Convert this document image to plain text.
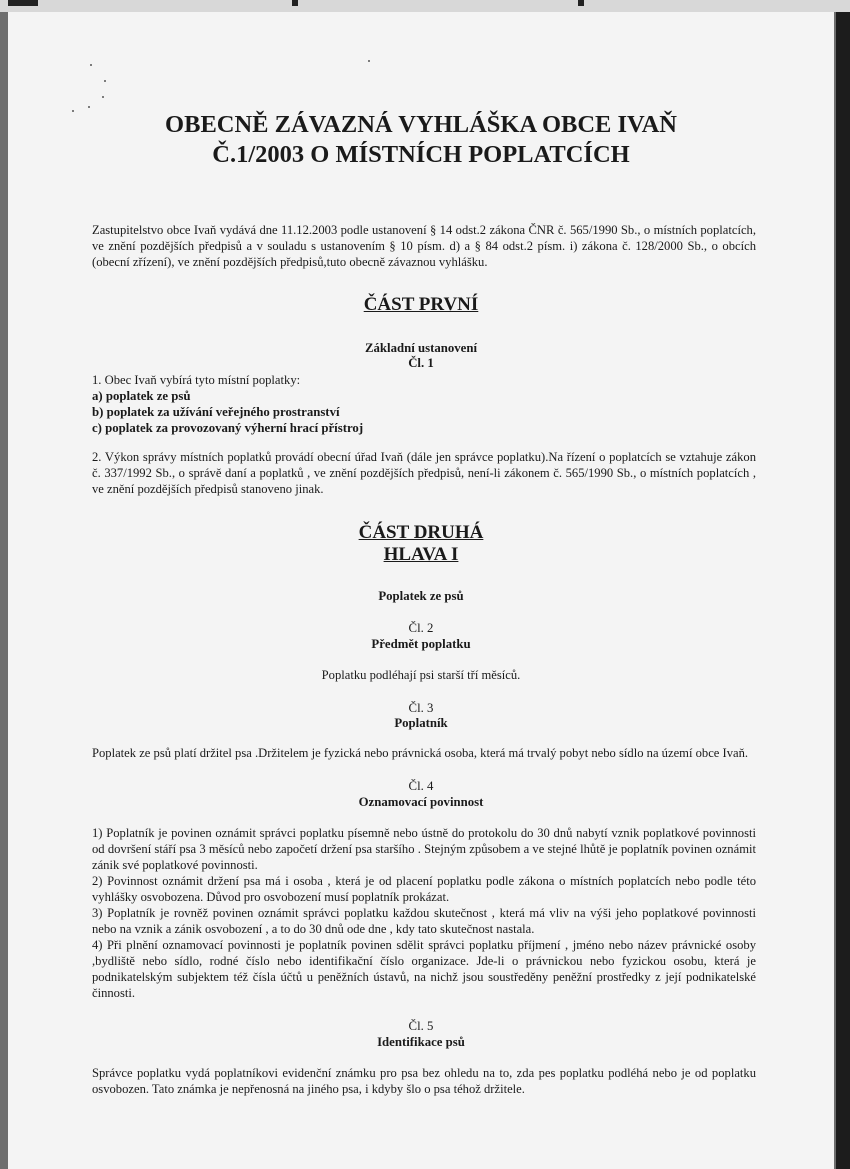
OBECNĚ ZÁVAZNÁ VYHLÁŠKA OBCE IVAŇ
Č.1/2003 O MÍSTNÍCH POPLATCÍCH

Zastupitelstvo obce Ivaň vydává dne 11.12.2003 podle ustanovení § 14 odst.2 zákona ČNR č. 565/1990 Sb., o místních poplatcích, ve znění pozdějších předpisů a v souladu s ustanovením § 10 písm. d) a § 84 odst.2 písm. i) zákona č. 128/2000 Sb., o obcích (obecní zřízení), ve znění pozdějších předpisů,tuto obecně závaznou vyhlášku.

ČÁST PRVNÍ
Základní ustanovení
Čl. 1

1. Obec Ivaň vybírá tyto místní poplatky:

a) poplatek ze psů

b) poplatek za užívání veřejného prostranství

c) poplatek za provozovaný výherní hrací přístroj

2. Výkon správy místních poplatků provádí obecní úřad Ivaň (dále jen správce poplatku).Na řízení o poplatcích se vztahuje zákon č. 337/1992 Sb., o správě daní a poplatků , ve znění pozdějších předpisů, není-li zákonem č. 565/1990 Sb., o místních poplatcích , ve znění pozdějších předpisů stanoveno jinak.

ČÁST DRUHÁ
HLAVA I
Poplatek ze psů
Čl. 2
Předmět poplatku

Poplatku podléhají psi starší tří měsíců.

Čl. 3
Poplatník

Poplatek ze psů platí držitel psa .Držitelem je fyzická nebo právnická osoba, která má trvalý pobyt nebo sídlo na území obce Ivaň.

Čl. 4
Oznamovací povinnost

1) Poplatník je povinen oznámit správci poplatku písemně nebo ústně do protokolu do 30 dnů nabytí vznik poplatkové povinnosti od dovršení stáří psa 3 měsíců nebo započetí držení psa staršího . Stejným způsobem a ve stejné lhůtě je poplatník povinen oznámit zánik své poplatkové povinnosti.

2) Povinnost oznámit držení psa má i osoba , která je od placení poplatku podle zákona o místních poplatcích nebo podle této vyhlášky osvobozena. Důvod pro osvobození musí poplatník prokázat.

3) Poplatník je rovněž povinen oznámit správci poplatku každou skutečnost , která má vliv na výši jeho poplatkové povinnosti nebo na vznik a zánik osvobození , a to do 30 dnů ode dne , kdy tato skutečnost nastala.

4) Při plnění oznamovací povinnosti je poplatník povinen sdělit správci poplatku příjmení , jméno nebo název právnické osoby ,bydliště nebo sídlo, rodné číslo nebo identifikační číslo organizace. Jde-li o právnickou nebo fyzickou osobu, která je podnikatelským subjektem též čísla účtů u peněžních ústavů, na nichž jsou soustředěny peněžní prostředky z její podnikatelské činnosti.

Čl. 5
Identifikace psů

Správce poplatku vydá poplatníkovi evidenční známku pro psa bez ohledu na to, zda pes poplatku podléhá nebo je od poplatku osvobozen. Tato známka je nepřenosná na jiného psa, i kdyby šlo o psa téhož držitele.
